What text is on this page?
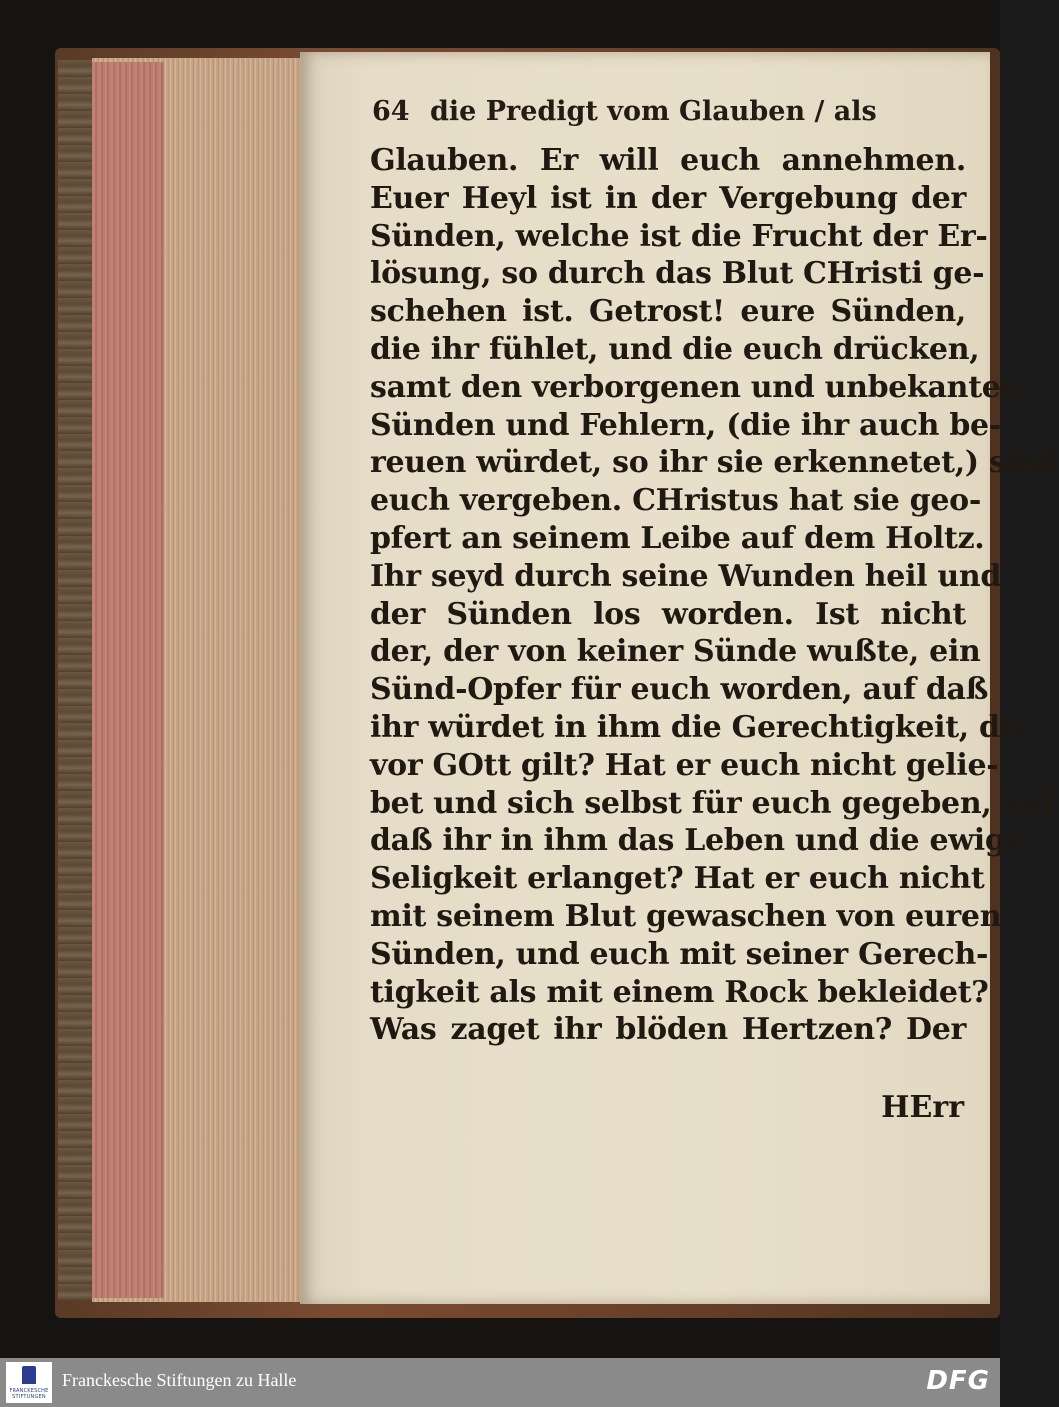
64 die Predigt vom Glauben / als
Glauben. Er will euch annehmen.
Euer Heyl ist in der Vergebung der
Sünden, welche ist die Frucht der Er-
lösung, so durch das Blut CHristi ge-
schehen ist. Getrost! eure Sünden,
die ihr fühlet, und die euch drücken,
samt den verborgenen und unbekanten
Sünden und Fehlern, (die ihr auch be-
reuen würdet, so ihr sie erkennetet,) sind
euch vergeben. CHristus hat sie geo-
pfert an seinem Leibe auf dem Holtz.
Ihr seyd durch seine Wunden heil und
der Sünden los worden. Ist nicht
der, der von keiner Sünde wußte, ein
Sünd-Opfer für euch worden, auf daß
ihr würdet in ihm die Gerechtigkeit, die
vor GOtt gilt? Hat er euch nicht gelie-
bet und sich selbst für euch gegeben, auf
daß ihr in ihm das Leben und die ewige
Seligkeit erlanget? Hat er euch nicht
mit seinem Blut gewaschen von euren
Sünden, und euch mit seiner Gerech-
tigkeit als mit einem Rock bekleidet?
Was zaget ihr blöden Hertzen? Der
HErr
FRANCKESCHE STIFTUNGEN
Franckesche Stiftungen zu Halle	DFG
